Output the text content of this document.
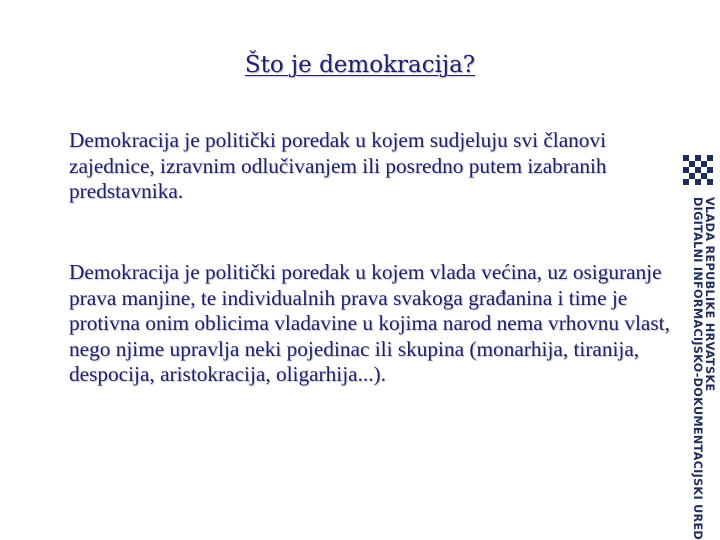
Što je demokracija?

Demokracija je politički poredak u kojem sudjeluju svi članovi zajednice, izravnim odlučivanjem ili posredno putem izabranih predstavnika.

Demokracija je politički poredak u kojem vlada većina, uz osiguranje prava manjine, te individualnih prava svakoga građanina i time je protivna onim oblicima vladavine u kojima narod nema vrhovnu vlast, nego njime upravlja neki pojedinac ili skupina (monarhija, tiranija, despocija, aristokracija, oligarhija...).	VLADA REPUBLIKE HRVATSKE
DIGITALNI INFORMACIJSKO-DOKUMENTACIJSKI URED
